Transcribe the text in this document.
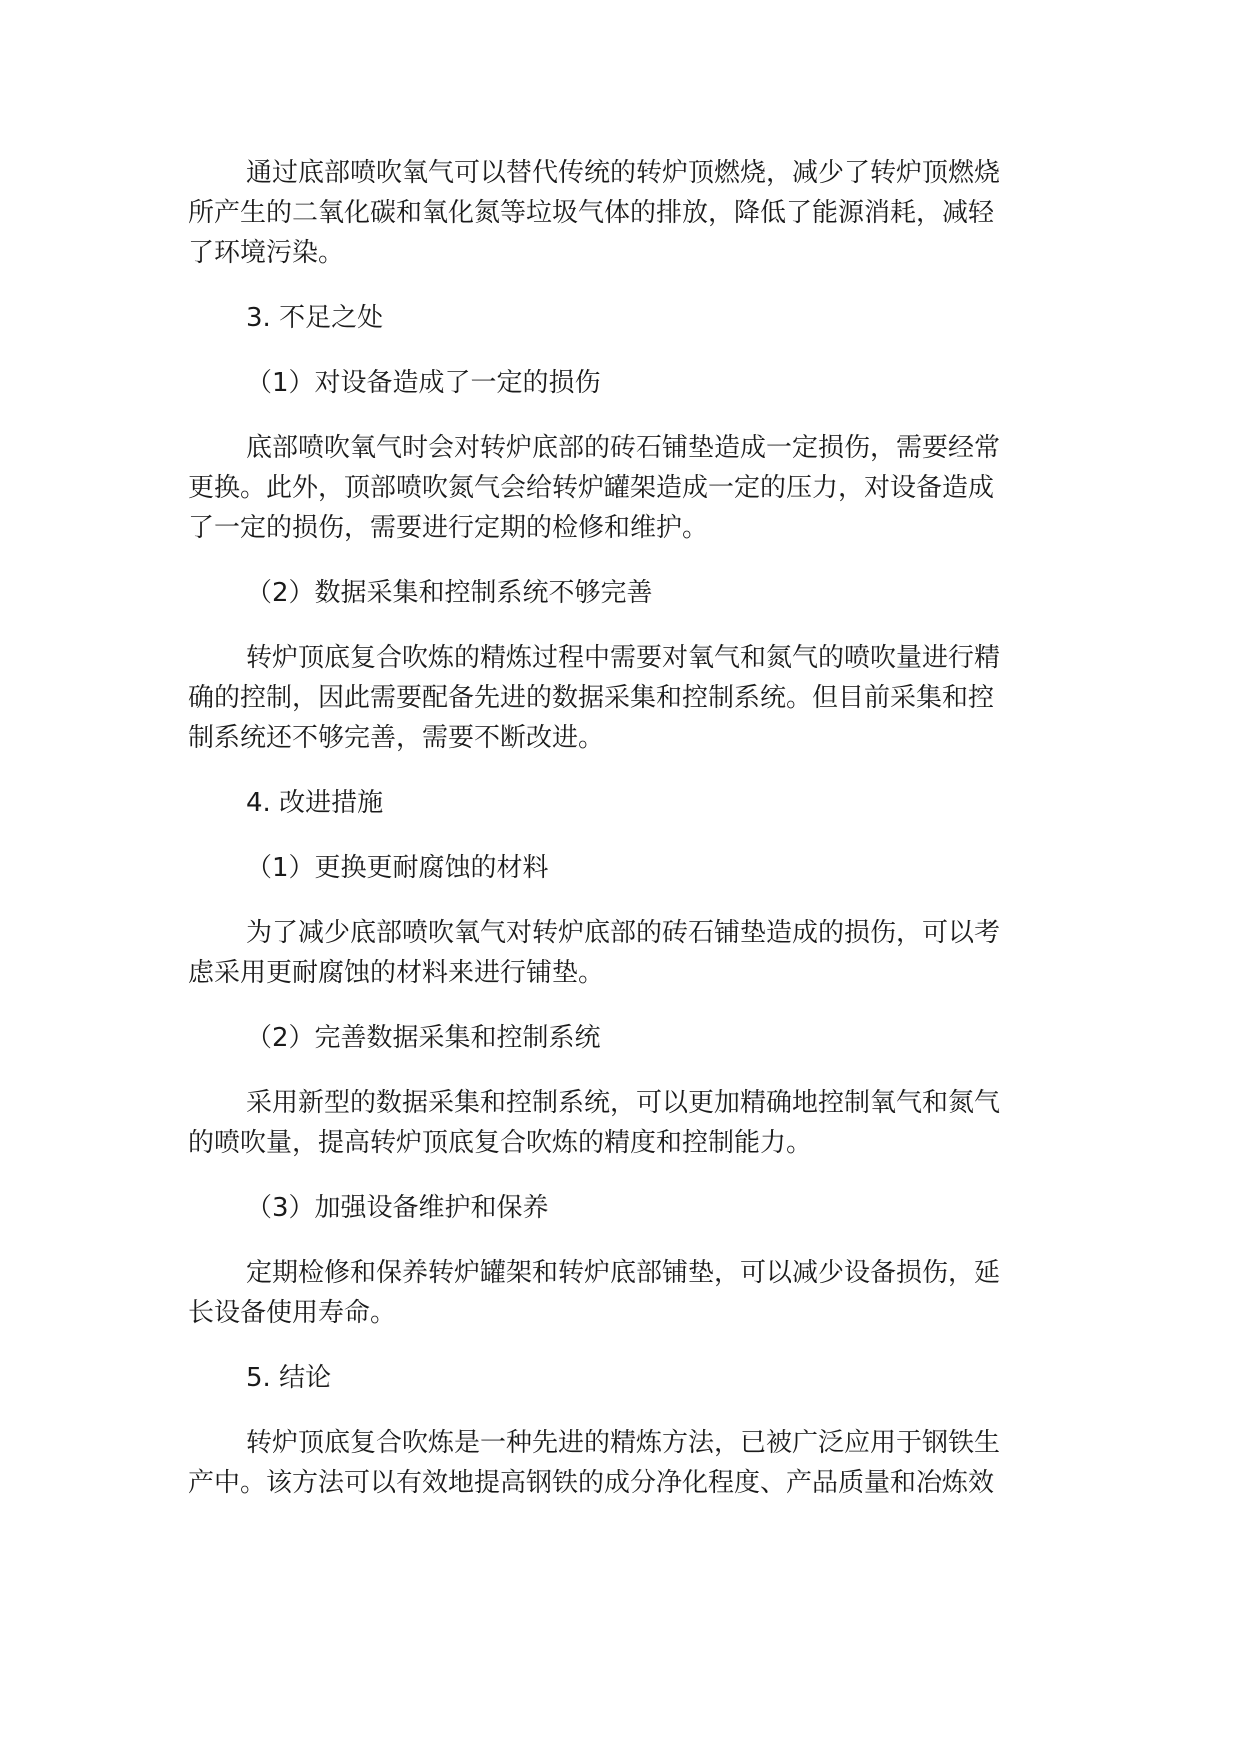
通过底部喷吹氧气可以替代传统的转炉顶燃烧，减少了转炉顶燃烧
所产生的二氧化碳和氧化氮等垃圾气体的排放，降低了能源消耗，减轻
了环境污染。
3. 不足之处
（1）对设备造成了一定的损伤
底部喷吹氧气时会对转炉底部的砖石铺垫造成一定损伤，需要经常
更换。此外，顶部喷吹氮气会给转炉罐架造成一定的压力，对设备造成
了一定的损伤，需要进行定期的检修和维护。
（2）数据采集和控制系统不够完善
转炉顶底复合吹炼的精炼过程中需要对氧气和氮气的喷吹量进行精
确的控制，因此需要配备先进的数据采集和控制系统。但目前采集和控
制系统还不够完善，需要不断改进。
4. 改进措施
（1）更换更耐腐蚀的材料
为了减少底部喷吹氧气对转炉底部的砖石铺垫造成的损伤，可以考
虑采用更耐腐蚀的材料来进行铺垫。
（2）完善数据采集和控制系统
采用新型的数据采集和控制系统，可以更加精确地控制氧气和氮气
的喷吹量，提高转炉顶底复合吹炼的精度和控制能力。
（3）加强设备维护和保养
定期检修和保养转炉罐架和转炉底部铺垫，可以减少设备损伤，延
长设备使用寿命。
5. 结论
转炉顶底复合吹炼是一种先进的精炼方法，已被广泛应用于钢铁生
产中。该方法可以有效地提高钢铁的成分净化程度、产品质量和冶炼效
